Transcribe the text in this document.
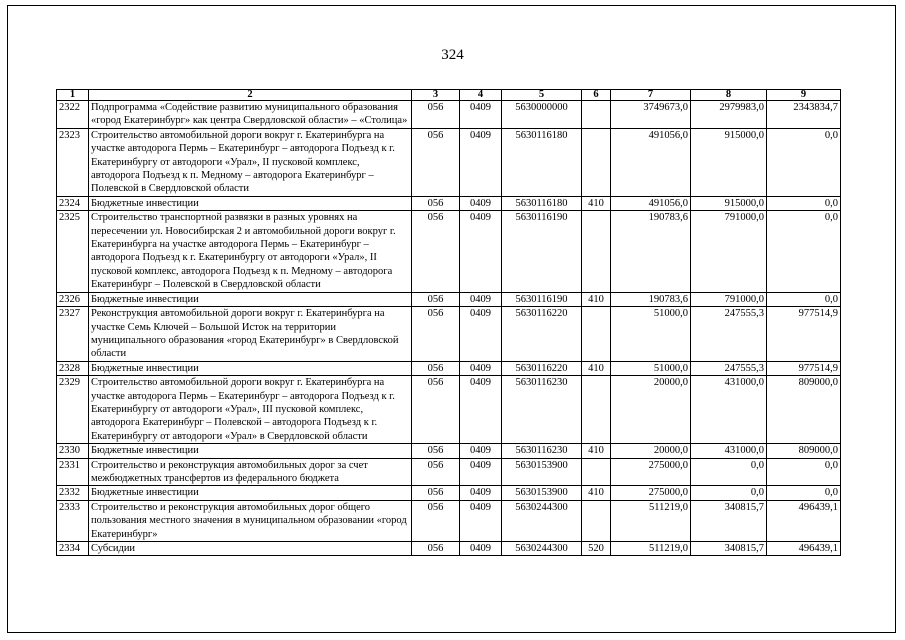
324
1	2	3	4	5	6	7	8	9
2322	Подпрограмма «Содействие развитию муниципального образования «город Екатеринбург» как центра Свердловской области» – «Столица»	056	0409	5630000000		3749673,0	2979983,0	2343834,7
2323	Строительство автомобильной дороги вокруг г. Екатеринбурга на участке автодорога Пермь – Екатеринбург – автодорога Подъезд к г. Екатеринбургу от автодороги «Урал», II пусковой комплекс, автодорога Подъезд к п. Медному – автодорога Екатеринбург – Полевской в Свердловской области	056	0409	5630116180		491056,0	915000,0	0,0
2324	Бюджетные инвестиции	056	0409	5630116180	410	491056,0	915000,0	0,0
2325	Строительство транспортной развязки в разных уровнях на пересечении ул. Новосибирская 2 и автомобильной дороги вокруг г. Екатеринбурга на участке автодорога Пермь – Екатеринбург – автодорога Подъезд к г. Екатеринбургу от автодороги «Урал», II пусковой комплекс, автодорога Подъезд к п. Медному – автодорога Екатеринбург – Полевской в Свердловской области	056	0409	5630116190		190783,6	791000,0	0,0
2326	Бюджетные инвестиции	056	0409	5630116190	410	190783,6	791000,0	0,0
2327	Реконструкция автомобильной дороги вокруг г. Екатеринбурга на участке Семь Ключей – Большой Исток на территории муниципального образования «город Екатеринбург» в Свердловской области	056	0409	5630116220		51000,0	247555,3	977514,9
2328	Бюджетные инвестиции	056	0409	5630116220	410	51000,0	247555,3	977514,9
2329	Строительство автомобильной дороги вокруг г. Екатеринбурга на участке автодорога Пермь – Екатеринбург – автодорога Подъезд к г. Екатеринбургу от автодороги «Урал», III пусковой комплекс, автодорога Екатеринбург – Полевской – автодорога Подъезд к г. Екатеринбургу от автодороги «Урал» в Свердловской области	056	0409	5630116230		20000,0	431000,0	809000,0
2330	Бюджетные инвестиции	056	0409	5630116230	410	20000,0	431000,0	809000,0
2331	Строительство и реконструкция автомобильных дорог за счет межбюджетных трансфертов из федерального бюджета	056	0409	5630153900		275000,0	0,0	0,0
2332	Бюджетные инвестиции	056	0409	5630153900	410	275000,0	0,0	0,0
2333	Строительство и реконструкция автомобильных дорог общего пользования местного значения в муниципальном образовании «город Екатеринбург»	056	0409	5630244300		511219,0	340815,7	496439,1
2334	Субсидии	056	0409	5630244300	520	511219,0	340815,7	496439,1
